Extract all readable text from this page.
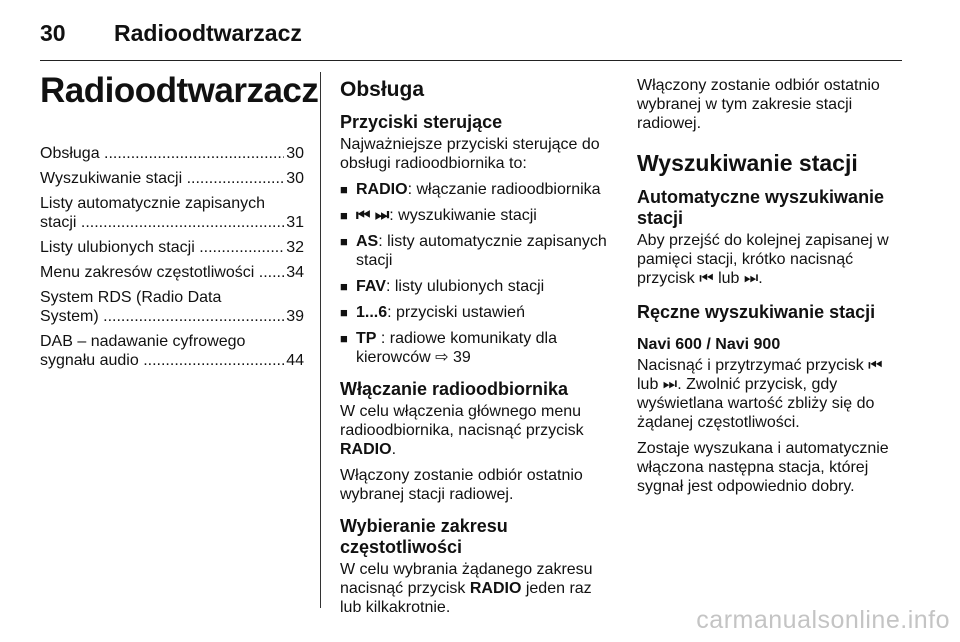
30 Radioodtwarzacz
Radioodtwarzacz
Obsługa .....	30
Wyszukiwanie stacji .....	30
Listy automatycznie zapisanych
stacji .....	31
Listy ulubionych stacji .....	32
Menu zakresów częstotliwości .....	34
System RDS (Radio Data
System) .....	39
DAB – nadawanie cyfrowego
sygnału audio .....	44
Obsługa
Przyciski sterujące

Najważniejsze przyciski sterujące do obsługi radioodbiornika to:

■ RADIO: włączanie radioodbiornika
■ ⏮ ⏭: wyszukiwanie stacji
■ AS: listy automatycznie zapisanych stacji
■ FAV: listy ulubionych stacji
■ 1...6: przyciski ustawień
■ TP : radiowe komunikaty dla kierowców ⇨ 39
Włączanie radioodbiornika

W celu włączenia głównego menu radioodbiornika, nacisnąć przycisk RADIO.

Włączony zostanie odbiór ostatnio wybranej stacji radiowej.

Wybieranie zakresu częstotliwości

W celu wybrania żądanego zakresu nacisnąć przycisk RADIO jeden raz lub kilkakrotnie.

Włączony zostanie odbiór ostatnio wybranej w tym zakresie stacji radiowej.

Wyszukiwanie stacji
Automatyczne wyszukiwanie stacji

Aby przejść do kolejnej zapisanej w pamięci stacji, krótko nacisnąć przycisk ⏮ lub ⏭.

Ręczne wyszukiwanie stacji
Navi 600 / Navi 900

Nacisnąć i przytrzymać przycisk ⏮ lub ⏭. Zwolnić przycisk, gdy wyświetlana wartość zbliży się do żądanej częstotliwości.

Zostaje wyszukana i automatycznie włączona następna stacja, której sygnał jest odpowiednio dobry.

carmanualsonline.info
